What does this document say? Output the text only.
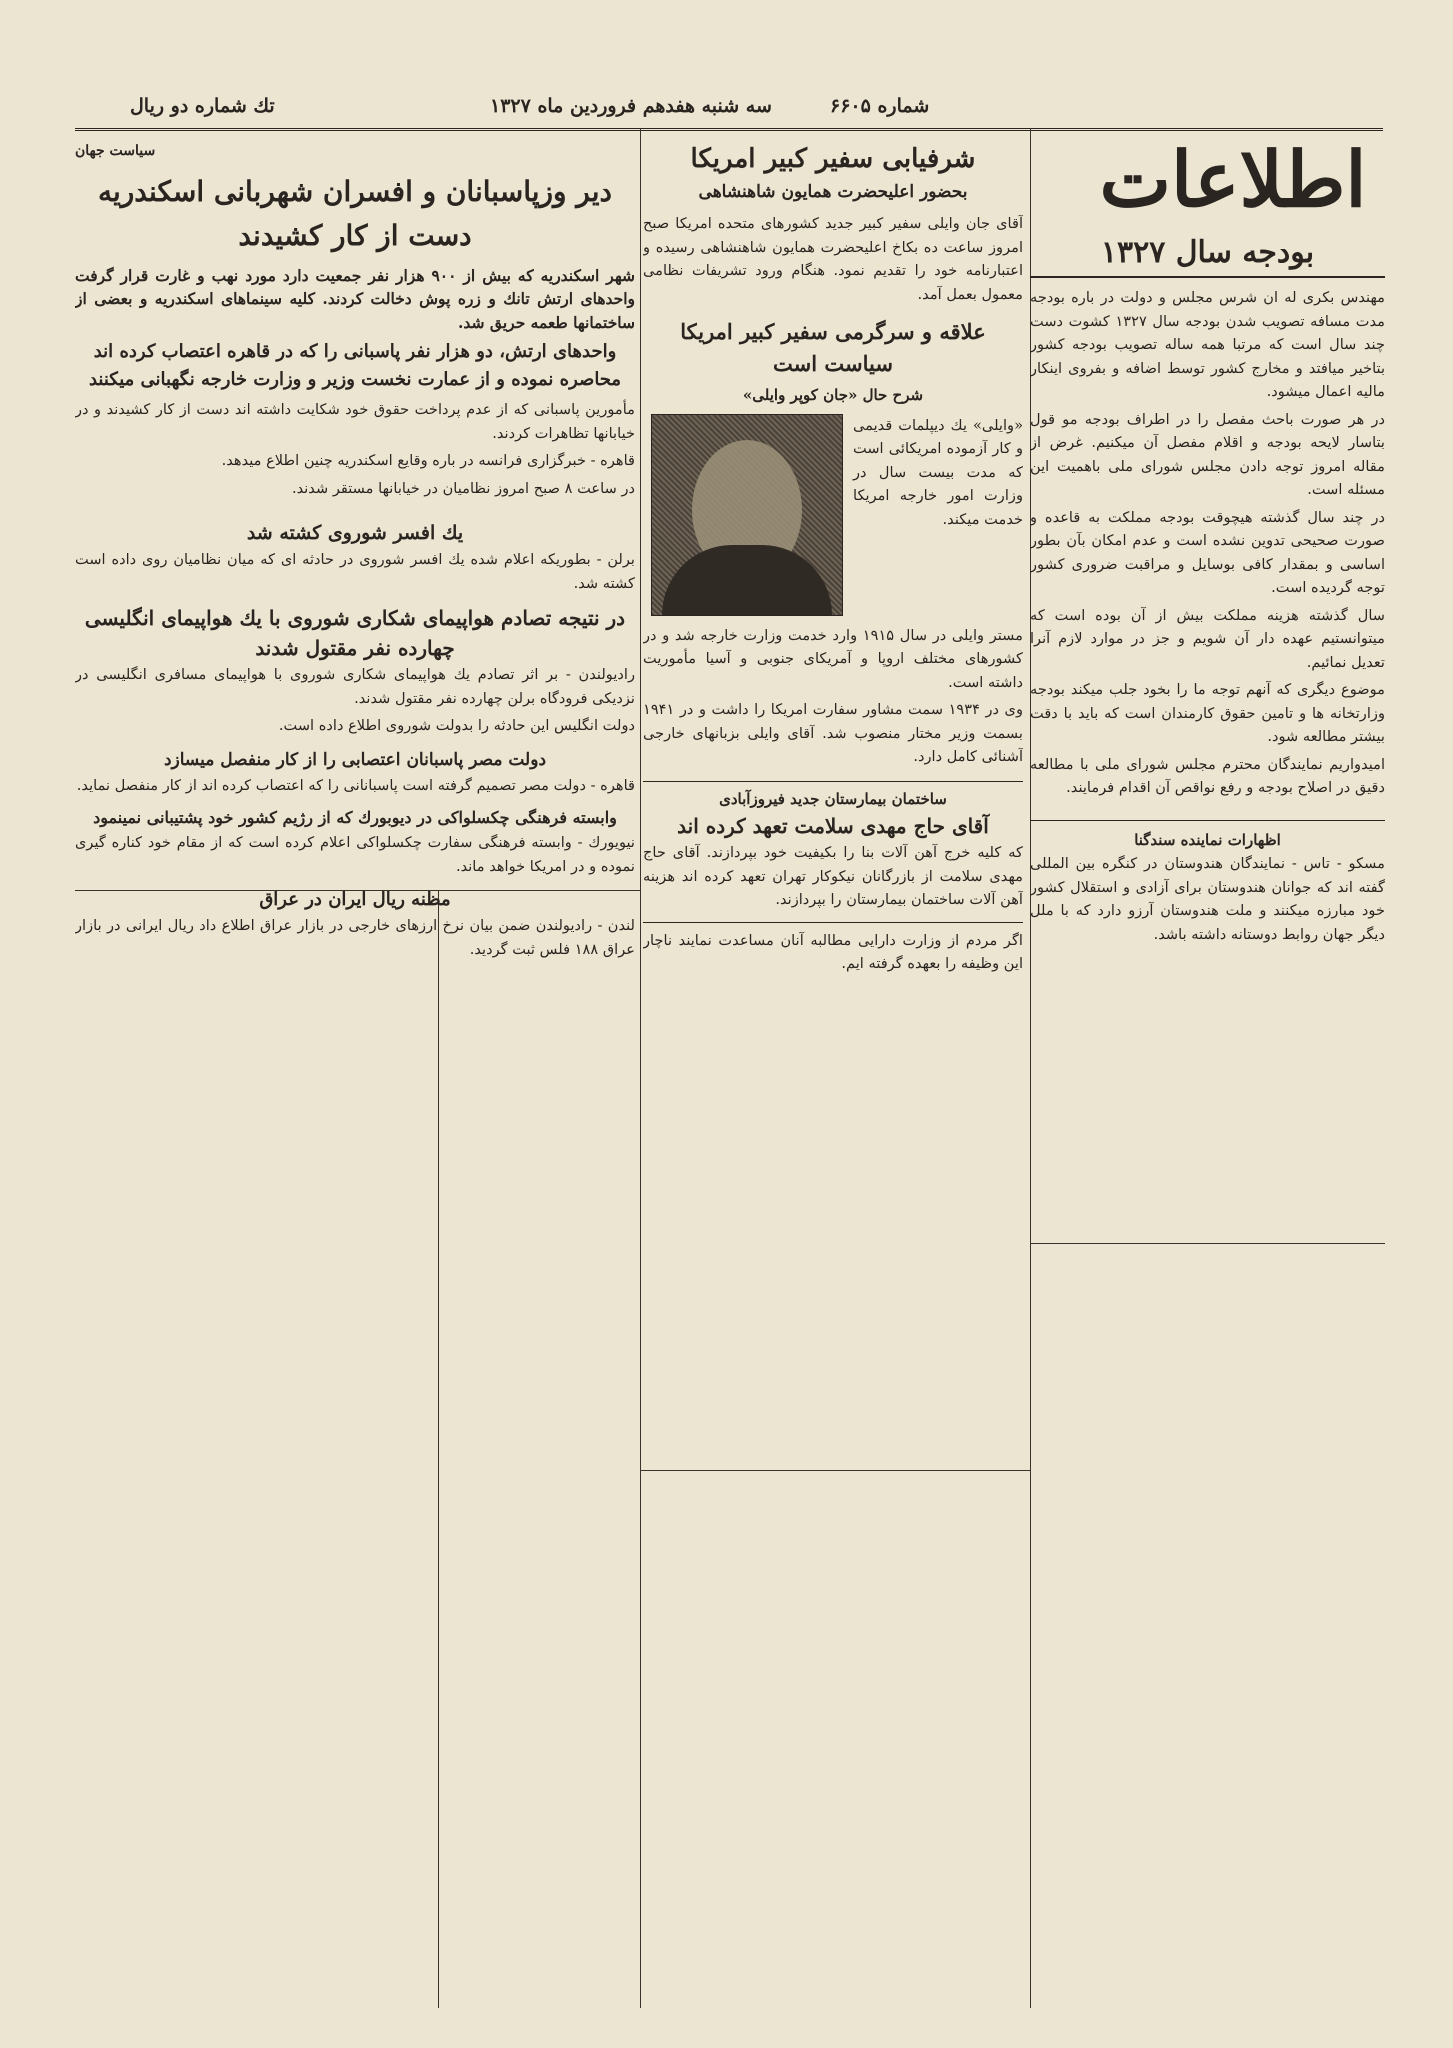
تك شماره دو ريال	سه شنبه هفدهم فروردين ماه ۱۳۲۷	شماره ۶۶۰۵
اطلاعات
بودجه سال ۱۳۲۷

مهندس بكرى له ان شرس مجلس و دولت در باره بودجه مدت مسافه تصویب شدن بودجه سال ۱۳۲۷ كشوت دست چند سال است که مرتبا همه ساله تصويب بودجه كشور بتاخير ميافتد و مخارج كشور توسط اضافه و بفروى اينكار ماليه اعمال ميشود.

در هر صورت باحث مفصل را در اطراف بودجه مو قول بتاسار لايحه بودجه و اقلام مفصل آن ميكنيم. غرض از مقاله امروز توجه دادن مجلس شوراى ملى باهميت اين مسئله است.

در چند سال گذشته هيچوقت بودجه مملكت به قاعده و صورت صحيحى تدوين نشده است و عدم امكان بآن بطور اساسى و بمقدار كافى بوسايل و مراقبت ضرورى كشور توجه گرديده است.

سال گذشته هزينه مملكت بيش از آن بوده است كه ميتوانستيم عهده دار آن شويم و جز در موارد لازم آنرا تعديل نمائيم.

موضوع ديگرى كه آنهم توجه ما را بخود جلب ميكند بودجه وزارتخانه ها و تامين حقوق كارمندان است كه بايد با دقت بيشتر مطالعه شود.

اميدواريم نمايندگان محترم مجلس شوراى ملى با مطالعه دقيق در اصلاح بودجه و رفع نواقص آن اقدام فرمايند.

اظهارات نماينده سندگنا

مسكو - تاس - نمايندگان هندوستان در كنگره بين المللى گفته اند كه جوانان هندوستان براى آزادى و استقلال كشور خود مبارزه ميكنند و ملت هندوستان آرزو دارد كه با ملل ديگر جهان روابط دوستانه داشته باشد.

شرفيابى سفير كبير امريكا
بحضور اعليحضرت همايون شاهنشاهى

آقاى جان وايلى سفير كبير جديد كشورهاى متحده امريكا صبح امروز ساعت ده بكاخ اعليحضرت همايون شاهنشاهى رسيده و اعتبارنامه خود را تقديم نمود. هنگام ورود تشريفات نظامى معمول بعمل آمد.

علاقه و سرگرمى سفير كبير امريكا سياست است
شرح حال «جان كوپر وايلى»

«وايلى» يك ديپلمات قديمى و كار آزموده امريكائى است كه مدت بيست سال در وزارت امور خارجه امريكا خدمت ميكند.

مستر وايلى در سال ۱۹۱۵ وارد خدمت وزارت خارجه شد و در كشورهاى مختلف اروپا و آمريكاى جنوبى و آسيا مأموريت داشته است.

وى در ۱۹۳۴ سمت مشاور سفارت امريكا را داشت و در ۱۹۴۱ بسمت وزير مختار منصوب شد. آقاى وايلى بزبانهاى خارجى آشنائى كامل دارد.

ساختمان بيمارستان جديد فيروزآبادى
آقاى حاج مهدى سلامت تعهد كرده اند

كه كليه خرج آهن آلات بنا را بكيفيت خود بپردازند. آقاى حاج مهدى سلامت از بازرگانان نيكوكار تهران تعهد كرده اند هزينه آهن آلات ساختمان بيمارستان را بپردازند.

اگر مردم از وزارت دارايى مطالبه آنان مساعدت نمايند ناچار اين وظيفه را بعهده گرفته ايم.

سياست جهان
دير وزپاسبانان و افسران شهربانى اسكندريه دست از كار كشيدند

شهر اسكندريه كه بيش از ۹۰۰ هزار نفر جمعيت دارد مورد نهب و غارت قرار گرفت واحدهاى ارتش تانك و زره پوش دخالت كردند. كليه سينماهاى اسكندريه و بعضى از ساختمانها طعمه حريق شد.

واحدهاى ارتش، دو هزار نفر پاسبانى را كه در قاهره اعتصاب كرده اند محاصره نموده و از عمارت نخست وزير و وزارت خارجه نگهبانى ميكنند

مأمورين پاسبانى كه از عدم پرداخت حقوق خود شكايت داشته اند دست از كار كشيدند و در خيابانها تظاهرات كردند.

قاهره - خبرگزارى فرانسه در باره وقايع اسكندريه چنين اطلاع ميدهد.

در ساعت ۸ صبح امروز نظاميان در خيابانها مستقر شدند.

يك افسر شوروى كشته شد

برلن - بطوريكه اعلام شده يك افسر شوروى در حادثه اى كه ميان نظاميان روى داده است كشته شد.

در نتيجه تصادم هواپيماى شكارى شوروى با يك هواپيماى انگليسى چهارده نفر مقتول شدند

راديولندن - بر اثر تصادم يك هواپيماى شكارى شوروى با هواپيماى مسافرى انگليسى در نزديكى فرودگاه برلن چهارده نفر مقتول شدند.

دولت انگليس اين حادثه را بدولت شوروى اطلاع داده است.

دولت مصر پاسبانان اعتصابى را از كار منفصل ميسازد

قاهره - دولت مصر تصميم گرفته است پاسبانانى را كه اعتصاب كرده اند از كار منفصل نمايد.

وابسته فرهنگى چكسلواكى در ديوبورك كه از رژيم كشور خود پشتيبانى نمينمود

نيويورك - وابسته فرهنگى سفارت چكسلواكى اعلام كرده است كه از مقام خود كناره گيرى نموده و در امريكا خواهد ماند.

مظنه ريال ايران در عراق

لندن - راديولندن ضمن بيان نرخ ارزهاى خارجى در بازار عراق اطلاع داد ريال ايرانى در بازار عراق ۱۸۸ فلس ثبت گرديد.
